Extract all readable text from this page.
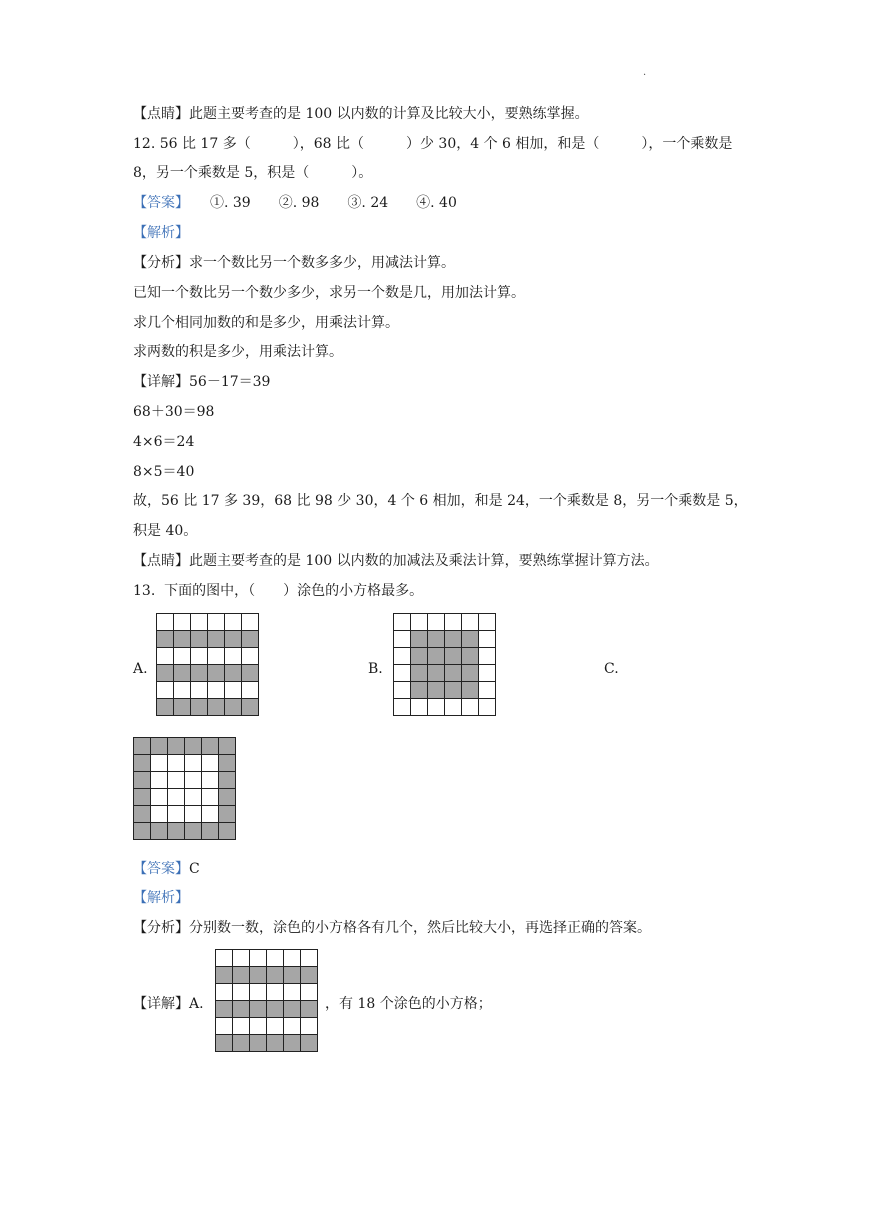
·
【点睛】此题主要考查的是 100 以内数的计算及比较大小，要熟练掌握。
12. 56 比 17 多（　　　），68 比（　　　）少 30，4 个 6 相加，和是（　　　），一个乘数是
8，另一个乘数是 5，积是（　　　）。
【答案】　　①. 39　　②. 98　　③. 24　　④. 40
【解析】
【分析】求一个数比另一个数多多少，用减法计算。
已知一个数比另一个数少多少，求另一个数是几，用加法计算。
求几个相同加数的和是多少，用乘法计算。
求两数的积是多少，用乘法计算。
【详解】56－17＝39
68＋30＝98
4×6＝24
8×5＝40
故，56 比 17 多 39，68 比 98 少 30，4 个 6 相加，和是 24，一个乘数是 8，另一个乘数是 5，
积是 40。
【点睛】此题主要考查的是 100 以内数的加减法及乘法计算，要熟练掌握计算方法。
13.  下面的图中，（　　）涂色的小方格最多。
A.

						B.

						C.

【答案】C
【解析】
【分析】分别数一数，涂色的小方格各有几个，然后比较大小，再选择正确的答案。
【详解】A.

						，有 18 个涂色的小方格；
